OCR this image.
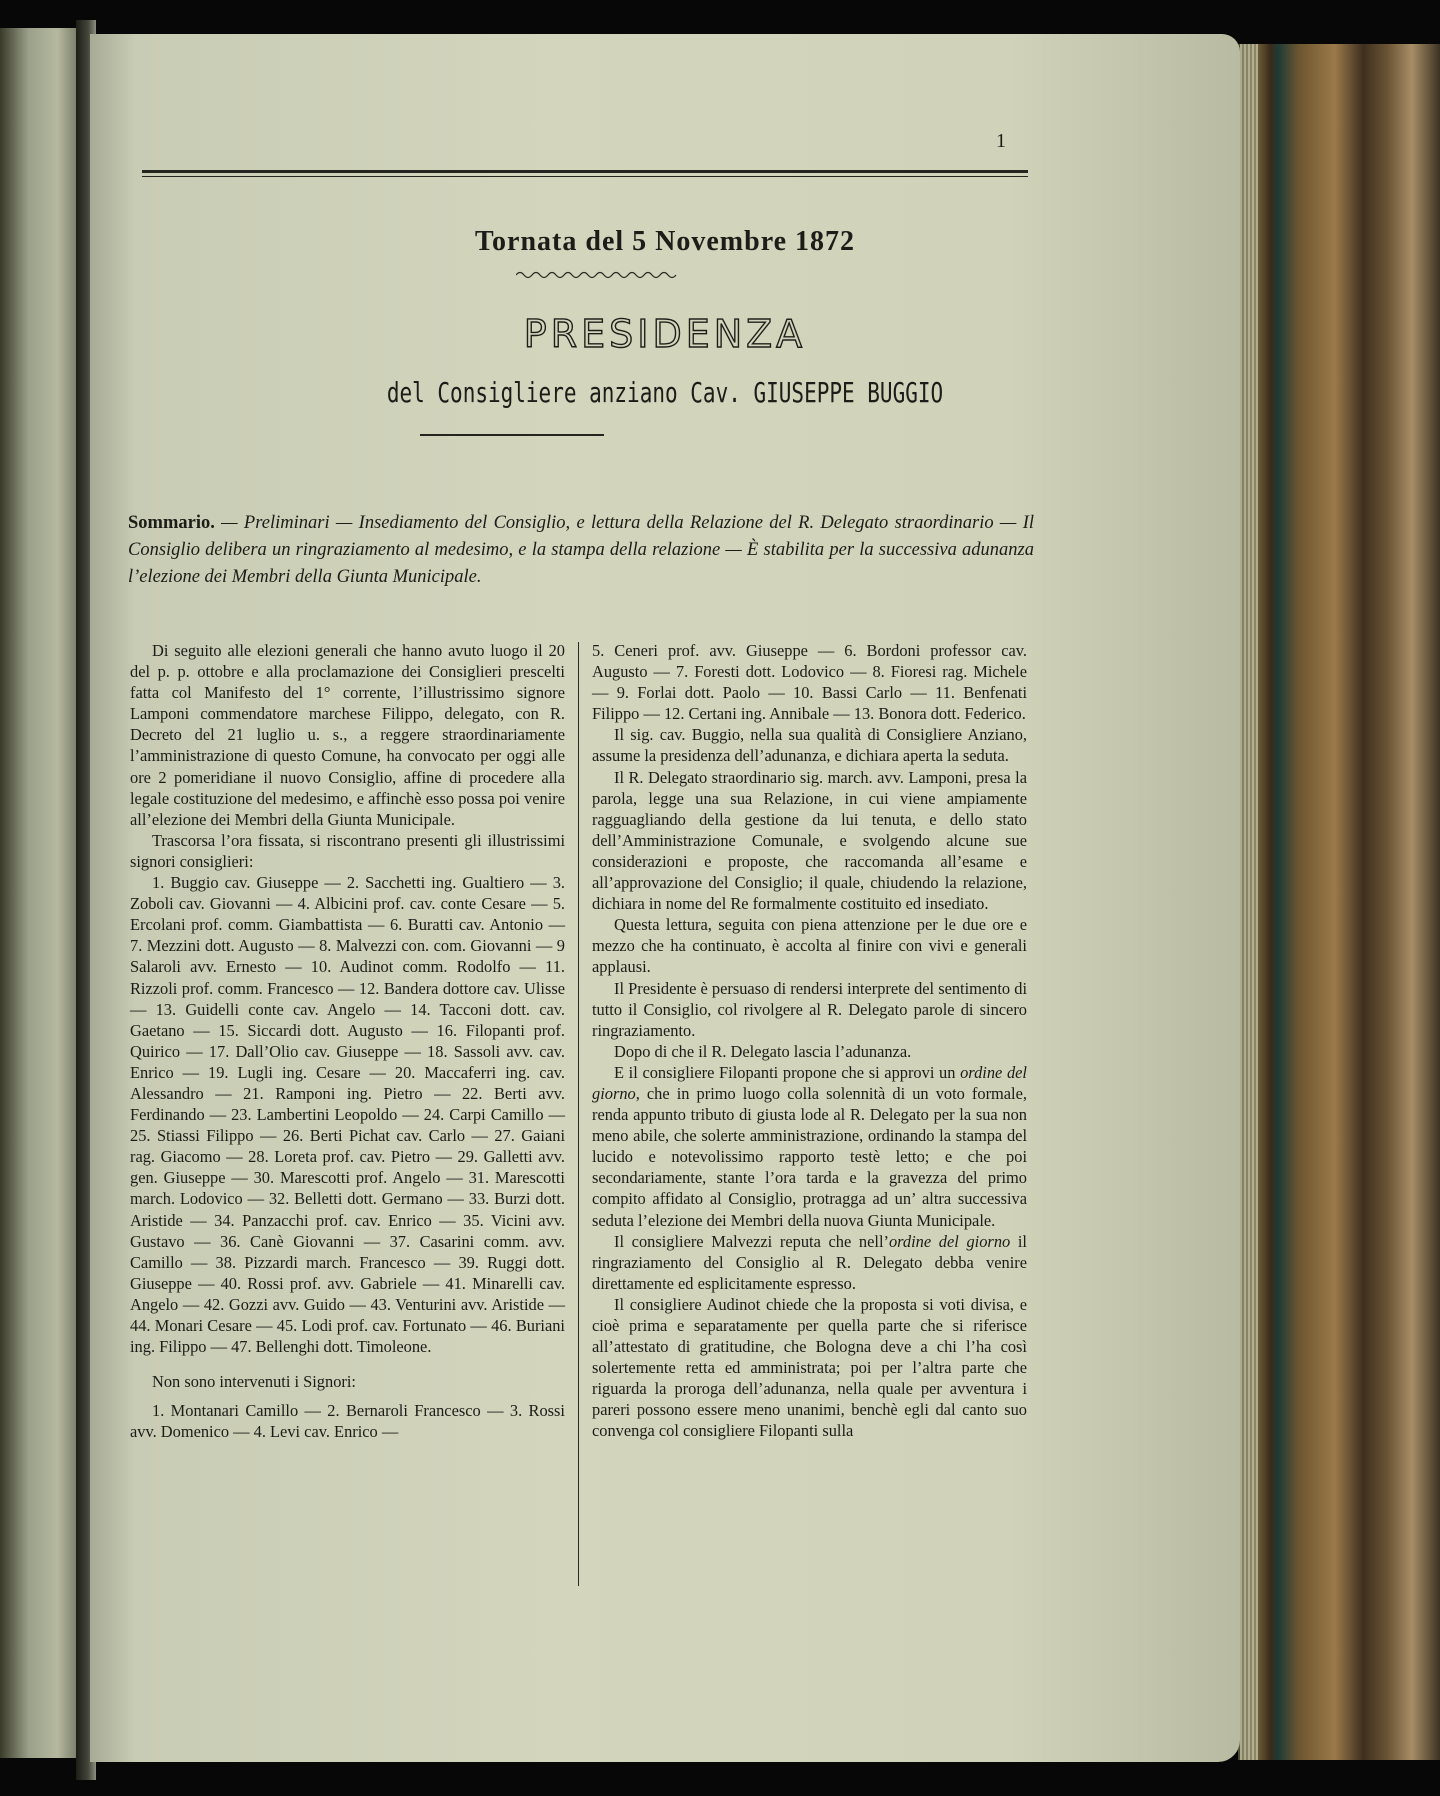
1
Tornata del 5 Novembre 1872
PRESIDENZA
del Consigliere anziano Cav. GIUSEPPE BUGGIO
Sommario. — Preliminari — Insediamento del Consiglio, e lettura della Relazione del R. Delegato straordinario — Il Consiglio delibera un ringraziamento al medesimo, e la stampa della relazione — È stabilita per la successiva adunanza l’elezione dei Membri della Giunta Municipale.

Di seguito alle elezioni generali che hanno avuto luogo il 20 del p. p. ottobre e alla proclamazione dei Consiglieri prescelti fatta col Manifesto del 1° corrente, l’illustrissimo signore Lamponi commendatore marchese Filippo, delegato, con R. Decreto del 21 luglio u. s., a reggere straordinariamente l’amministrazione di questo Comune, ha convocato per oggi alle ore 2 pomeridiane il nuovo Consiglio, affine di procedere alla legale costituzione del medesimo, e affinchè esso possa poi venire all’elezione dei Membri della Giunta Municipale.

Trascorsa l’ora fissata, si riscontrano presenti gli illustrissimi signori consiglieri:

1. Buggio cav. Giuseppe — 2. Sacchetti ing. Gualtiero — 3. Zoboli cav. Giovanni — 4. Albicini prof. cav. conte Cesare — 5. Ercolani prof. comm. Giambattista — 6. Buratti cav. Antonio — 7. Mezzini dott. Augusto — 8. Malvezzi con. com. Giovanni — 9 Salaroli avv. Ernesto — 10. Audinot comm. Rodolfo — 11. Rizzoli prof. comm. Francesco — 12. Bandera dottore cav. Ulisse — 13. Guidelli conte cav. Angelo — 14. Tacconi dott. cav. Gaetano — 15. Siccardi dott. Augusto — 16. Filopanti prof. Quirico — 17. Dall’Olio cav. Giuseppe — 18. Sassoli avv. cav. Enrico — 19. Lugli ing. Cesare — 20. Maccaferri ing. cav. Alessandro — 21. Ramponi ing. Pietro — 22. Berti avv. Ferdinando — 23. Lambertini Leopoldo — 24. Carpi Camillo — 25. Stiassi Filippo — 26. Berti Pichat cav. Carlo — 27. Gaiani rag. Giacomo — 28. Loreta prof. cav. Pietro — 29. Galletti avv. gen. Giuseppe — 30. Marescotti prof. Angelo — 31. Marescotti march. Lodovico — 32. Belletti dott. Germano — 33. Burzi dott. Aristide — 34. Panzacchi prof. cav. Enrico — 35. Vicini avv. Gustavo — 36. Canè Giovanni — 37. Casarini comm. avv. Camillo — 38. Pizzardi march. Francesco — 39. Ruggi dott. Giuseppe — 40. Rossi prof. avv. Gabriele — 41. Minarelli cav. Angelo — 42. Gozzi avv. Guido — 43. Venturini avv. Aristide — 44. Monari Cesare — 45. Lodi prof. cav. Fortunato — 46. Buriani ing. Filippo — 47. Bellenghi dott. Timoleone.

Non sono intervenuti i Signori:

1. Montanari Camillo — 2. Bernaroli Francesco — 3. Rossi avv. Domenico — 4. Levi cav. Enrico —

5. Ceneri prof. avv. Giuseppe — 6. Bordoni professor cav. Augusto — 7. Foresti dott. Lodovico — 8. Fioresi rag. Michele — 9. Forlai dott. Paolo — 10. Bassi Carlo — 11. Benfenati Filippo — 12. Certani ing. Annibale — 13. Bonora dott. Federico.

Il sig. cav. Buggio, nella sua qualità di Consigliere Anziano, assume la presidenza dell’adunanza, e dichiara aperta la seduta.

Il R. Delegato straordinario sig. march. avv. Lamponi, presa la parola, legge una sua Relazione, in cui viene ampiamente ragguagliando della gestione da lui tenuta, e dello stato dell’Amministrazione Comunale, e svolgendo alcune sue considerazioni e proposte, che raccomanda all’esame e all’approvazione del Consiglio; il quale, chiudendo la relazione, dichiara in nome del Re formalmente costituito ed insediato.

Questa lettura, seguita con piena attenzione per le due ore e mezzo che ha continuato, è accolta al finire con vivi e generali applausi.

Il Presidente è persuaso di rendersi interprete del sentimento di tutto il Consiglio, col rivolgere al R. Delegato parole di sincero ringraziamento.

Dopo di che il R. Delegato lascia l’adunanza.

E il consigliere Filopanti propone che si approvi un ordine del giorno, che in primo luogo colla solennità di un voto formale, renda appunto tributo di giusta lode al R. Delegato per la sua non meno abile, che solerte amministrazione, ordinando la stampa del lucido e notevolissimo rapporto testè letto; e che poi secondariamente, stante l’ora tarda e la gravezza del primo compito affidato al Consiglio, protragga ad un’ altra successiva seduta l’elezione dei Membri della nuova Giunta Municipale.

Il consigliere Malvezzi reputa che nell’ordine del giorno il ringraziamento del Consiglio al R. Delegato debba venire direttamente ed esplicitamente espresso.

Il consigliere Audinot chiede che la proposta si voti divisa, e cioè prima e separatamente per quella parte che si riferisce all’attestato di gratitudine, che Bologna deve a chi l’ha così solertemente retta ed amministrata; poi per l’altra parte che riguarda la proroga dell’adunanza, nella quale per avventura i pareri possono essere meno unanimi, benchè egli dal canto suo convenga col consigliere Filopanti sulla
